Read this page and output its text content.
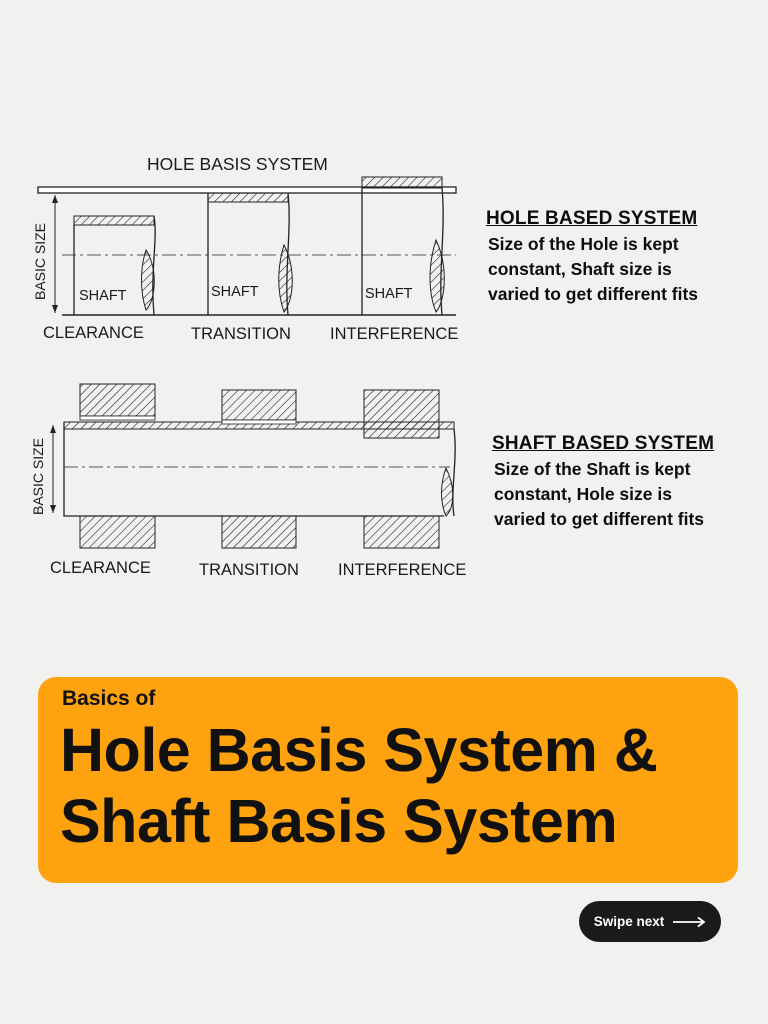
HOLE BASIS SYSTEM
BASIC SIZE SHAFT	SHAFT	SHAFT
CLEARANCE	TRANSITION INTERFERENCE
BASIC SIZE
CLEARANCE	TRANSITION INTERFERENCE
HOLE BASED SYSTEM

Size of the Hole is kept
constant, Shaft size is
varied to get different fits

SHAFT BASED SYSTEM

Size of the Shaft is kept
constant, Hole size is
varied to get different fits

Basics of
Hole Basis System &
Shaft Basis System
Swipe next
